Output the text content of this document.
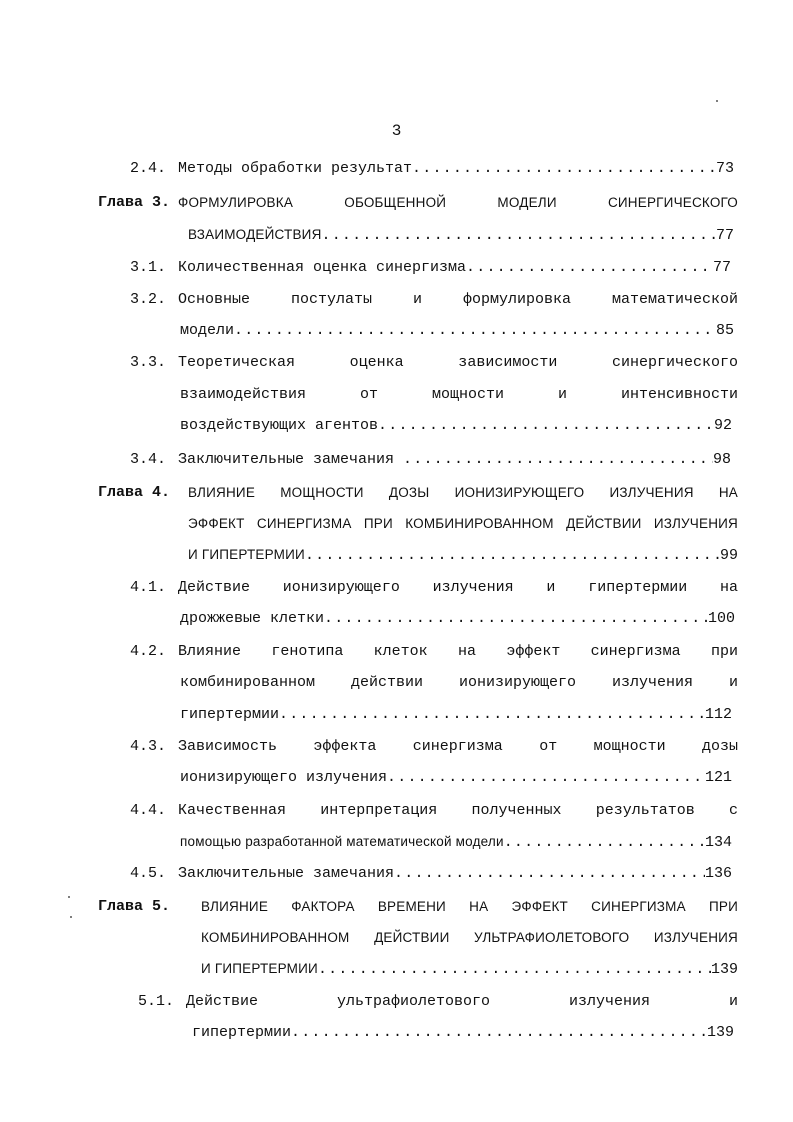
3
2.4. Методы обработки результат .....	73
Глава 3. ФОРМУЛИРОВКА ОБОБЩЕННОЙ МОДЕЛИ СИНЕРГИЧЕСКОГО
ВЗАИМОДЕЙСТВИЯ .....	77
3.1. Количественная оценка синергизма .....	77
3.2. Основные постулаты и формулировка математической
модели .....	85
3.3. Теоретическая оценка зависимости синергического
взаимодействия от мощности и интенсивности
воздействующих агентов .....	92
3.4. Заключительные замечания .....	98
Глава 4. ВЛИЯНИЕ МОЩНОСТИ ДОЗЫ ИОНИЗИРУЮЩЕГО ИЗЛУЧЕНИЯ НА
ЭФФЕКТ СИНЕРГИЗМА ПРИ КОМБИНИРОВАННОМ ДЕЙСТВИИ ИЗЛУЧЕНИЯ
И ГИПЕРТЕРМИИ .....	99
4.1. Действие ионизирующего излучения и гипертермии на
дрожжевые клетки .....	100
4.2. Влияние генотипа клеток на эффект синергизма при
комбинированном действии ионизирующего излучения и
гипертермии .....	112
4.3. Зависимость эффекта синергизма от мощности дозы
ионизирующего излучения .....	121
4.4. Качественная интерпретация полученных результатов с
помощью разработанной математической модели .....	134
4.5. Заключительные замечания .....	136
Глава 5. ВЛИЯНИЕ ФАКТОРА ВРЕМЕНИ НА ЭФФЕКТ СИНЕРГИЗМА ПРИ
КОМБИНИРОВАННОМ ДЕЙСТВИИ УЛЬТРАФИОЛЕТОВОГО ИЗЛУЧЕНИЯ
И ГИПЕРТЕРМИИ .....	139
5.1. Действие ультрафиолетового излучения и
гипертермии .....	139
